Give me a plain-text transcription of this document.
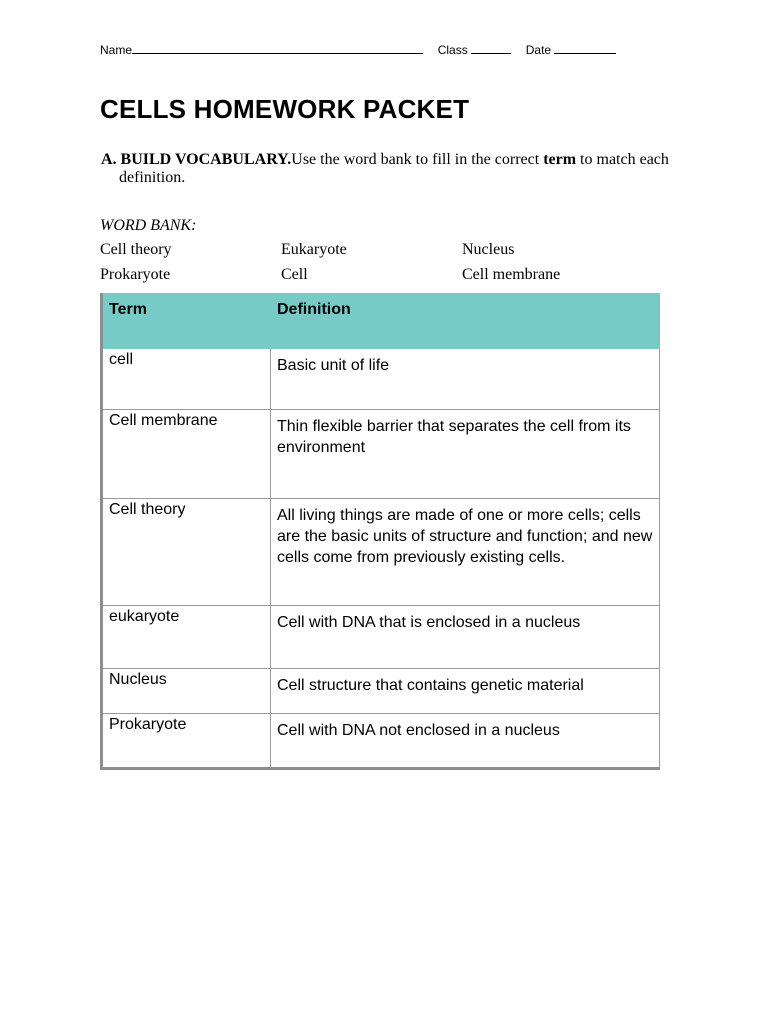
Name	Class	Date
CELLS HOMEWORK PACKET
A. BUILD VOCABULARY.Use the word bank to fill in the correct term to match each definition.
WORD BANK:
Cell theory	Eukaryote	Nucleus
Prokaryote	Cell	Cell membrane
Term	Definition
cell	Basic unit of life
Cell membrane	Thin flexible barrier that separates the cell from its environment
Cell theory	All living things are made of one or more cells; cells are the basic units of structure and function; and new cells come from previously existing cells.
eukaryote	Cell with DNA that is enclosed in a nucleus
Nucleus	Cell structure that contains genetic material
Prokaryote	Cell with DNA not enclosed in a nucleus
